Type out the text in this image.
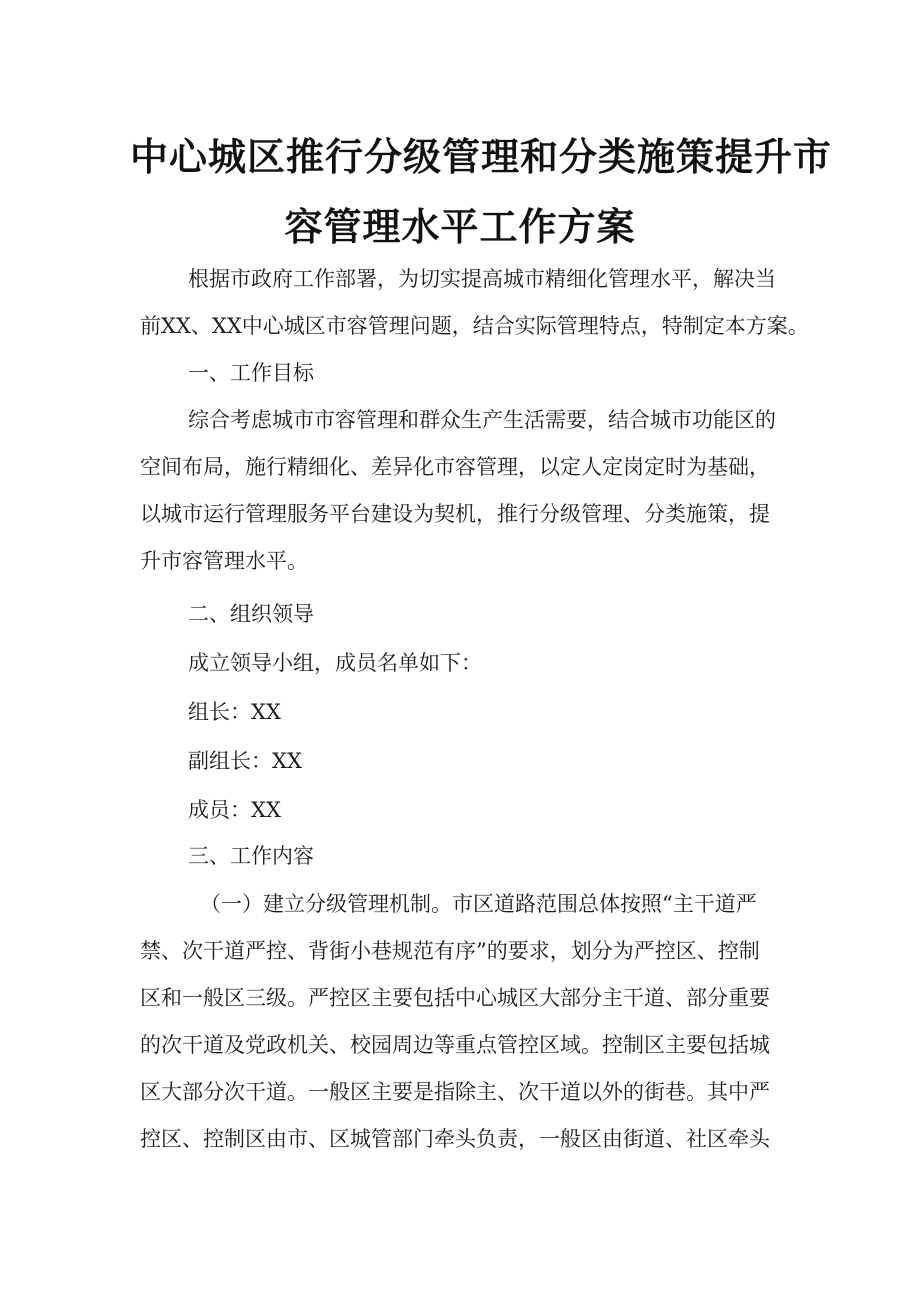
中心城区推行分级管理和分类施策提升市
容管理水平工作方案
根据市政府工作部署，为切实提高城市精细化管理水平，解决当
前XX、XX中心城区市容管理问题，结合实际管理特点，特制定本方案。
一、工作目标
综合考虑城市市容管理和群众生产生活需要，结合城市功能区的
空间布局，施行精细化、差异化市容管理，以定人定岗定时为基础，
以城市运行管理服务平台建设为契机，推行分级管理、分类施策，提
升市容管理水平。
二、组织领导
成立领导小组，成员名单如下：
组长：XX
副组长：XX
成员：XX
三、工作内容
（一）建立分级管理机制。市区道路范围总体按照“主干道严
禁、次干道严控、背街小巷规范有序”的要求，划分为严控区、控制
区和一般区三级。严控区主要包括中心城区大部分主干道、部分重要
的次干道及党政机关、校园周边等重点管控区域。控制区主要包括城
区大部分次干道。一般区主要是指除主、次干道以外的街巷。其中严
控区、控制区由市、区城管部门牵头负责，一般区由街道、社区牵头
